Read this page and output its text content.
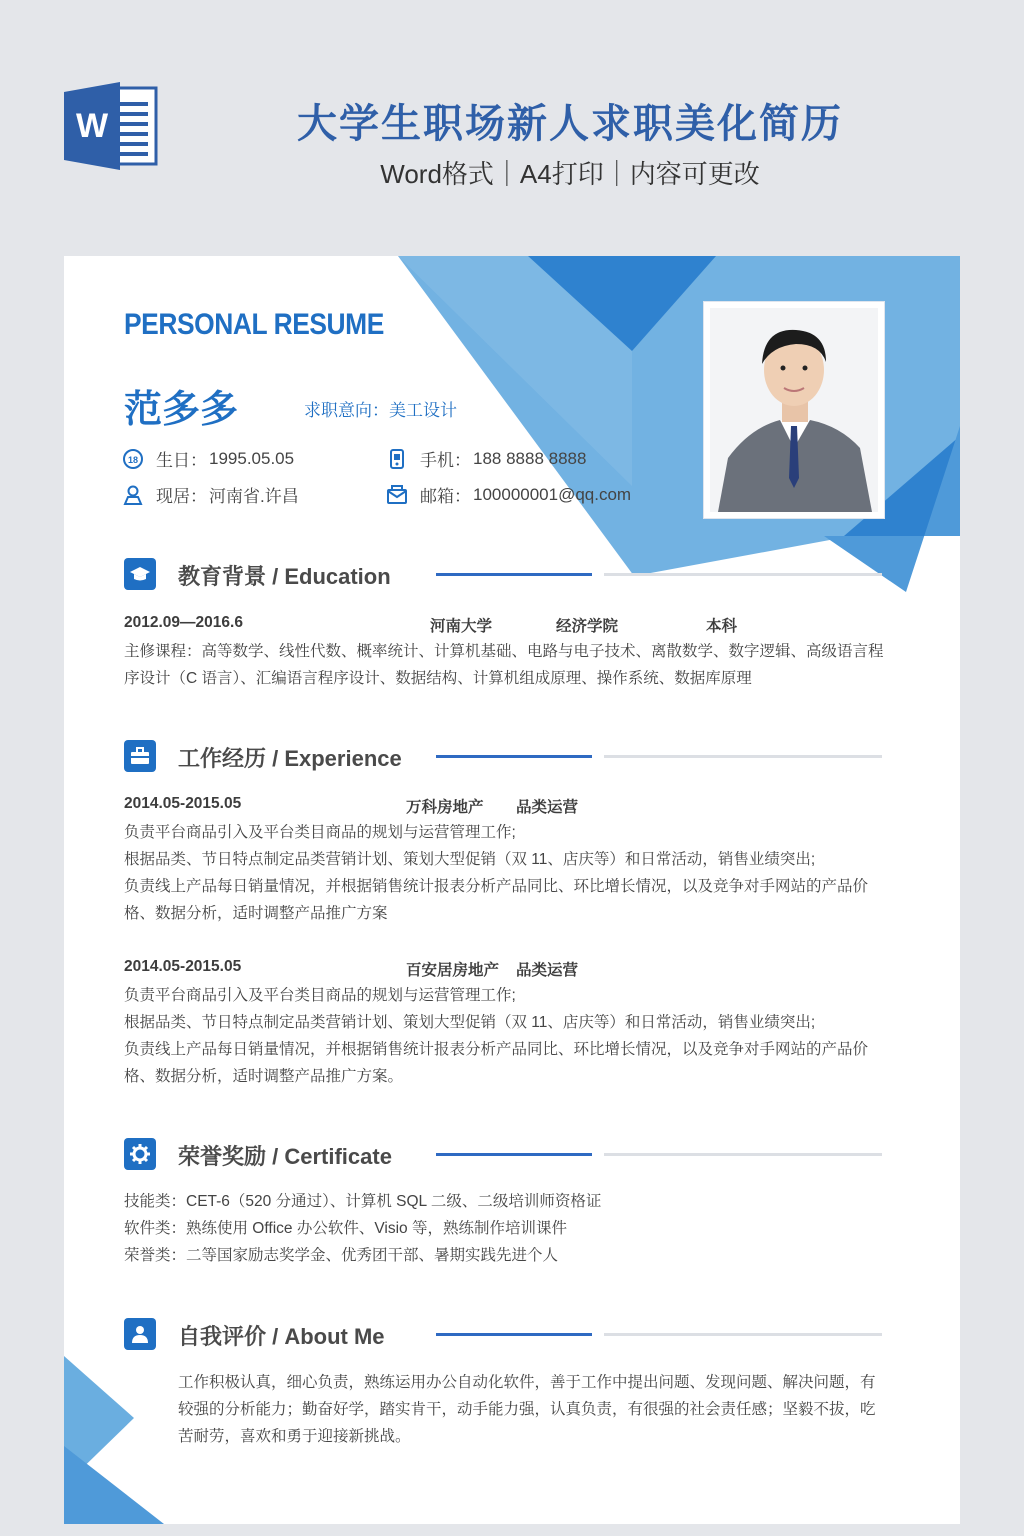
W	大学生职场新人求职美化简历
Word格式｜A4打印｜内容可更改
PERSONAL RESUME
范多多	求职意向：美工设计
18 生日： 1995.05.05	手机： 188 8888 8888
现居： 河南省.许昌	邮箱： 100000001@qq.com
教育背景 / Education
2012.09—2016.6	河南大学	经济学院	本科
主修课程：高等数学、线性代数、概率统计、计算机基础、电路与电子技术、离散数学、数字逻辑、高级语言程序设计（C 语言）、汇编语言程序设计、数据结构、计算机组成原理、操作系统、数据库原理
工作经历 / Experience
2014.05-2015.05	万科房地产 品类运营

负责平台商品引入及平台类目商品的规划与运营管理工作;

根据品类、节日特点制定品类营销计划、策划大型促销（双 11、店庆等）和日常活动，销售业绩突出;

负责线上产品每日销量情况，并根据销售统计报表分析产品同比、环比增长情况，以及竞争对手网站的产品价格、数据分析，适时调整产品推广方案

2014.05-2015.05	百安居房地产 品类运营

负责平台商品引入及平台类目商品的规划与运营管理工作;

根据品类、节日特点制定品类营销计划、策划大型促销（双 11、店庆等）和日常活动，销售业绩突出;

负责线上产品每日销量情况，并根据销售统计报表分析产品同比、环比增长情况，以及竞争对手网站的产品价格、数据分析，适时调整产品推广方案。

荣誉奖励 / Certificate

技能类：CET-6（520 分通过）、计算机 SQL 二级、二级培训师资格证

软件类：熟练使用 Office 办公软件、Visio 等，熟练制作培训课件

荣誉类：二等国家励志奖学金、优秀团干部、暑期实践先进个人

自我评价 / About Me
工作积极认真，细心负责，熟练运用办公自动化软件，善于工作中提出问题、发现问题、解决问题，有较强的分析能力；勤奋好学，踏实肯干，动手能力强，认真负责，有很强的社会责任感；坚毅不拔，吃苦耐劳，喜欢和勇于迎接新挑战。
